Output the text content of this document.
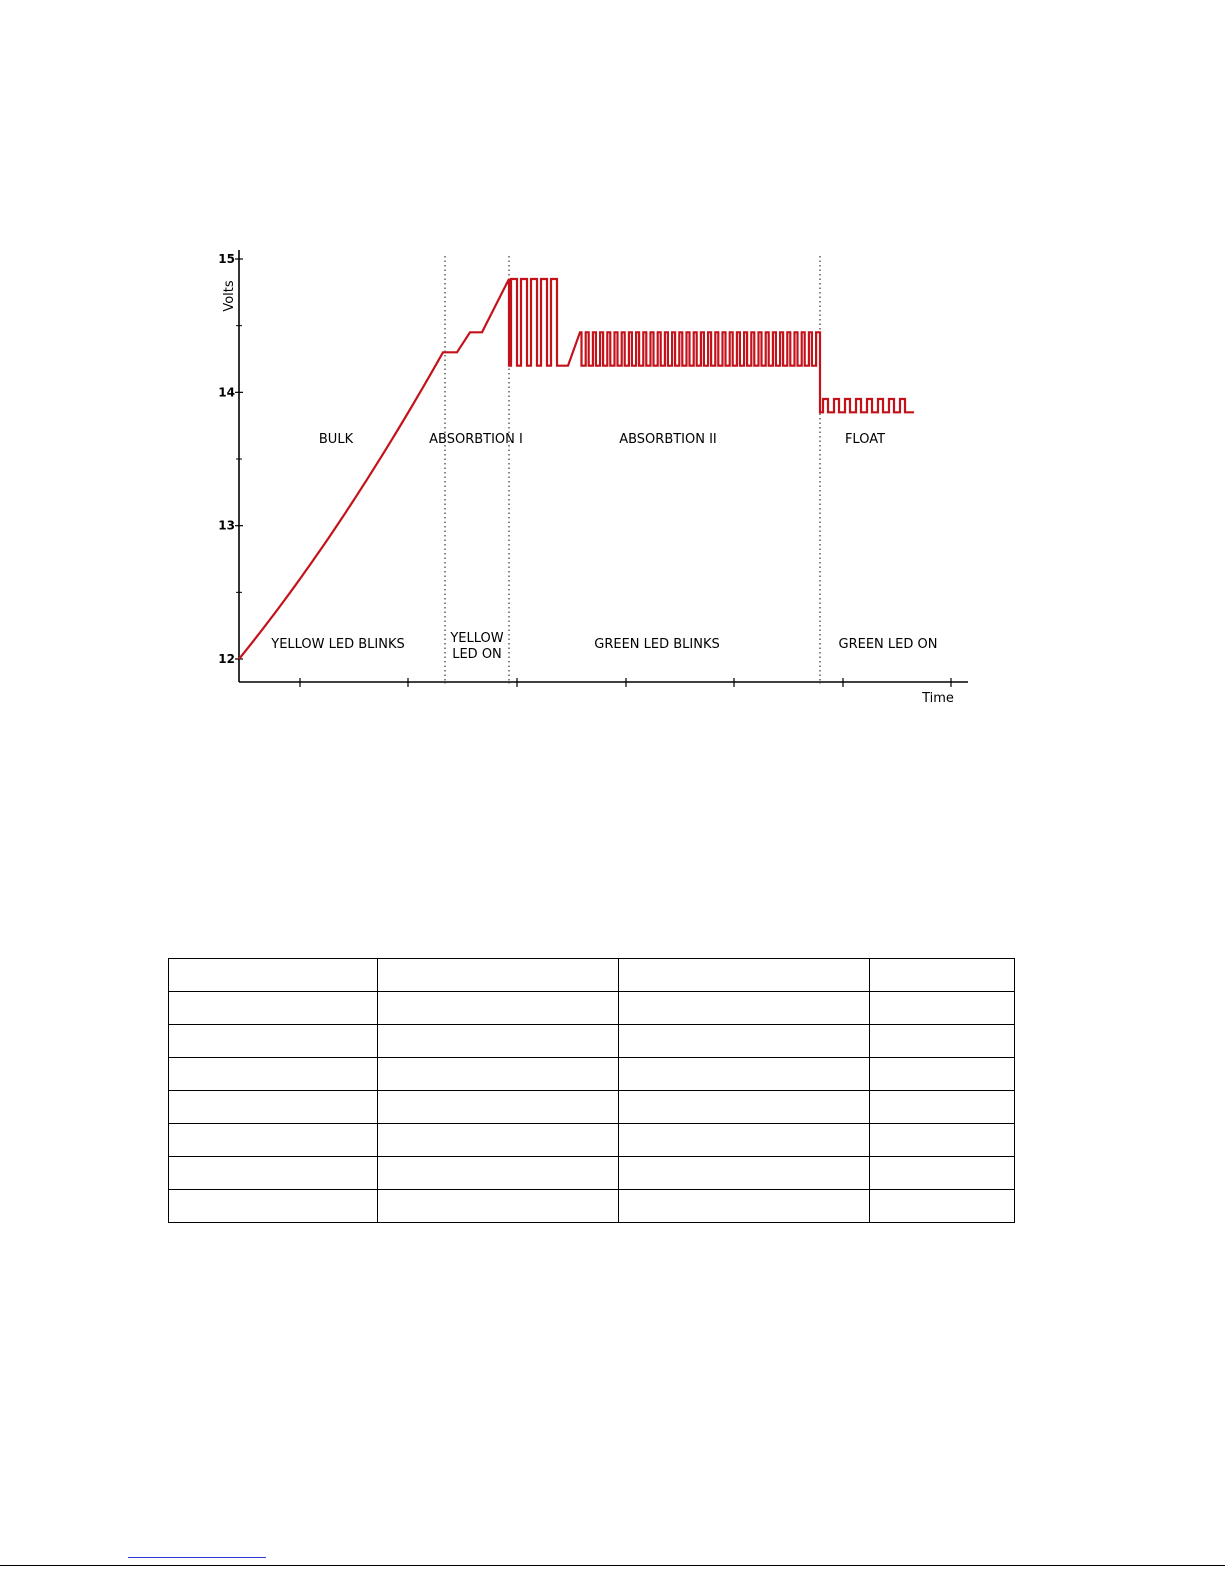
12
13
14
15
Volts
Time
BULK
YELLOW LED BLINKS
ABSORBTION I
YELLOW LED ON
ABSORBTION II
GREEN LED BLINKS
FLOAT
GREEN LED ON
